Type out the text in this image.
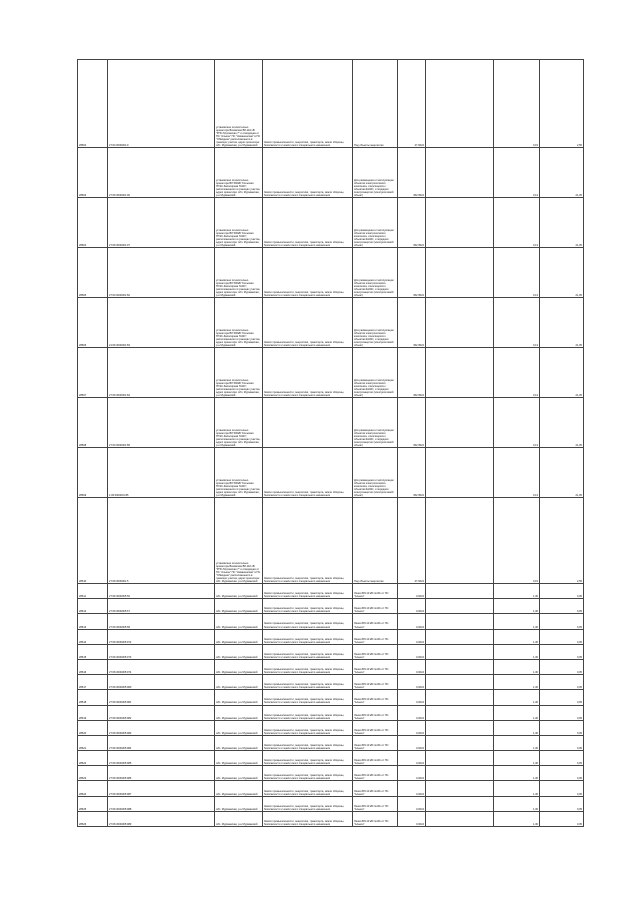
28602	27:04:0000001:9	установлено относительно ориентира Вязовская ВЛ-110 кВ "РПС-Мухомская 7" и отводящая от ПС "Алькон" ПС "Ниванинская" в ПС "Обводная" расположенного в границах участка, адрес ориентира: обл. Мурманская, р-н Мурманский	Земли промышленности, энергетики, транспорта, земли обороны, безопасности и земли иного специального назначения	Под объекты энергетики	27,6624		0,15	2,55
28603	27:06:0000001:96	установлено относительно ориентира ВЛ 500кВ "Кольская ГРЭС-Заполярная ГАЭС", расположенного в границах участка, адрес ориентира: обл. Мурманская, р-н Мурманский	Земли промышленности, энергетики, транспорта, земли обороны, безопасности и земли иного специального назначения	Для размещения и эксплуатации объектов электросетевого комплекса, относящихся к объектам ЕНЭС, и передачи электроэнергии (электросетевой объект)	452,9524		0,13	21,05
28604	27:06:0000001:97	установлено относительно ориентира ВЛ 500кВ "Кольская ГРЭС-Заполярная ГАЭС", расположенного в границах участка, адрес ориентира: обл. Мурманская, р-н Мурманский	Земли промышленности, энергетики, транспорта, земли обороны, безопасности и земли иного специального назначения	Для размещения и эксплуатации объектов электросетевого комплекса, относящихся к объектам ЕНЭС, и передачи электроэнергии (электросетевой объект)	452,9524		0,13	21,05
28605	27:04:0000001:82	установлено относительно ориентира ВЛ 500кВ "Кольская ГРЭС-Заполярная ГАЭС", расположенного в границах участка, адрес ориентира: обл. Мурманская, р-н Мурманский	Земли промышленности, энергетики, транспорта, земли обороны, безопасности и земли иного специального назначения	Для размещения и эксплуатации объектов электросетевого комплекса, относящихся к объектам ЕНЭС, и передачи электроэнергии (электросетевой объект)	452,9524		0,13	21,05
28606	21:06:0000001:83	установлено относительно ориентира ВЛ 500кВ "Кольская ГРЭС-Заполярная ГАЭС", расположенного в границах участка, адрес ориентира: обл. Мурманская, р-н Мурманский	Земли промышленности, энергетики, транспорта, земли обороны, безопасности и земли иного специального назначения	Для размещения и эксплуатации объектов электросетевого комплекса, относящихся к объектам ЕНЭС, и передачи электроэнергии (электросетевой объект)	452,9524		0,13	21,05
28607	27:06:0000001:84	установлено относительно ориентира ВЛ 500кВ "Кольская ГРЭС-Заполярная ГАЭС", расположенного в границах участка, адрес ориентира: обл. Мурманская, р-н Мурманский	Земли промышленности, энергетики, транспорта, земли обороны, безопасности и земли иного специального назначения	Для размещения и эксплуатации объектов электросетевого комплекса, относящихся к объектам ЕНЭС, и передачи электроэнергии (электросетевой объект)	452,9524		0,13	21,05
28608	27:04:0000001:85	установлено относительно ориентира ВЛ 500кВ "Кольская ГРЭС-Заполярная ГАЭС", расположенного в границах участка, адрес ориентира: обл. Мурманская, р-н Мурманский		Для размещения и эксплуатации объектов электросетевого комплекса, относящихся к объектам ЕНЭС, и передачи электроэнергии (электросетевой объект)	452,9524		0,13	21,05
28609	1:06:0000001:86	установлено относительно ориентира ВЛ 500кВ "Кольская ГРЭС-Заполярная ГАЭС", расположенного в границах участка, адрес ориентира: обл. Мурманская, р-н Мурманский	Земли промышленности, энергетики, транспорта, земли обороны, безопасности и земли иного специального назначения	Для размещения и эксплуатации объектов электросетевого комплекса, относящихся к объектам ЕНЭС, и передачи электроэнергии (электросетевой объект)	452,9524		0,13	21,05
28610	27:06:0000001:5	установлено относительно ориентира Вязовская ВЛ-110 кВ "РПС-Мухомская 7" и отводящая от ПС "Алькон" ПС "Ниванинская" в ПС "Обводная" расположенного в границах участка, адрес ориентира: обл. Мурманская, р-н Мурманский	Земли промышленности, энергетики, транспорта, земли обороны, безопасности и земли иного специального назначения	Под объекты энергетики	27,6624		0,15	2,55
28611	27:06:0000005:66	обл. Мурманская, р-н Мурманский	Земли промышленности, энергетики, транспорта, земли обороны, безопасности и земли иного специального назначения	Линия ВЛ-10 кВ №101 от ПС "Алькон"	0,0024		1,30	0,05
28612	27:06:0000005:67	обл. Мурманская, р-н Мурманский	Земли промышленности, энергетики, транспорта, земли обороны, безопасности и земли иного специального назначения	Линия ВЛ-10 кВ №101 от ПС "Алькон"	0,0024		1,30	0,05
28613	27:06:0000005:68	обл. Мурманская, р-н Мурманский	Земли промышленности, энергетики, транспорта, земли обороны, безопасности и земли иного специального назначения	Линия ВЛ-10 кВ №101 от ПС "Алькон"	0,0024		1,30	0,05
28614	27:06:0000005:972	обл. Мурманская, р-н Мурманский	Земли промышленности, энергетики, транспорта, земли обороны, безопасности и земли иного специального назначения	Линия ВЛ-10 кВ №101 от ПС "Алькон"	0,0024		1,30	0,05
28615	27:06:0000005:973	обл. Мурманская, р-н Мурманский	Земли промышленности, энергетики, транспорта, земли обороны, безопасности и земли иного специального назначения	Линия ВЛ-10 кВ №101 от ПС "Алькон"	0,0024		1,30	0,05
28616	27:06:0000005:974	обл. Мурманская, р-н Мурманский	Земли промышленности, энергетики, транспорта, земли обороны, безопасности и земли иного специального назначения	Линия ВЛ-10 кВ №101 от ПС "Алькон"	0,0024		1,30	0,05
28617	27:06:0000005:980	обл. Мурманская, р-н Мурманский	Земли промышленности, энергетики, транспорта, земли обороны, безопасности и земли иного специального назначения	Линия ВЛ-10 кВ №101 от ПС "Алькон"	0,0024		1,30	0,05
28618	27:06:0000005:981	обл. Мурманская, р-н Мурманский	Земли промышленности, энергетики, транспорта, земли обороны, безопасности и земли иного специального назначения	Линия ВЛ-10 кВ №101 от ПС "Алькон"	0,0024		1,30	0,05
28619	27:06:0000005:982	обл. Мурманская, р-н Мурманский	Земли промышленности, энергетики, транспорта, земли обороны, безопасности и земли иного специального назначения	Линия ВЛ-10 кВ №101 от ПС "Алькон"	0,0024		1,30	0,05
28620	27:06:0000005:983	обл. Мурманская, р-н Мурманский	Земли промышленности, энергетики, транспорта, земли обороны, безопасности и земли иного специального назначения	Линия ВЛ-10 кВ №101 от ПС "Алькон"	0,0024		1,30	0,05
28621	27:06:0000005:984	обл. Мурманская, р-н Мурманский	Земли промышленности, энергетики, транспорта, земли обороны, безопасности и земли иного специального назначения	Линия ВЛ-10 кВ №101 от ПС "Алькон"	0,0024		1,30	0,05
28622	27:06:0000005:985	обл. Мурманская, р-н Мурманский	Земли промышленности, энергетики, транспорта, земли обороны, безопасности и земли иного специального назначения	Линия ВЛ-10 кВ №101 от ПС "Алькон"	0,0024		1,30	0,05
28623	27:06:0000005:986	обл. Мурманская, р-н Мурманский	Земли промышленности, энергетики, транспорта, земли обороны, безопасности и земли иного специального назначения	Линия ВЛ-10 кВ №101 от ПС "Алькон"	0,0024		1,30	0,05
28624	27:06:0000005:987	обл. Мурманская, р-н Мурманский	Земли промышленности, энергетики, транспорта, земли обороны, безопасности и земли иного специального назначения	Линия ВЛ-10 кВ №101 от ПС "Алькон"	0,0024		1,30	0,05
28625	27:06:0000005:988	обл. Мурманская, р-н Мурманский	Земли промышленности, энергетики, транспорта, земли обороны, безопасности и земли иного специального назначения	Линия ВЛ-10 кВ №101 от ПС "Алькон"	0,0024		1,30	0,05
28626	27:06:0000005:989	обл. Мурманская, р-н Мурманский	Земли промышленности, энергетики, транспорта, земли обороны, безопасности и земли иного специального назначения	Линия ВЛ-10 кВ №101 от ПС "Алькон"	0,0024		1,30	0,05
